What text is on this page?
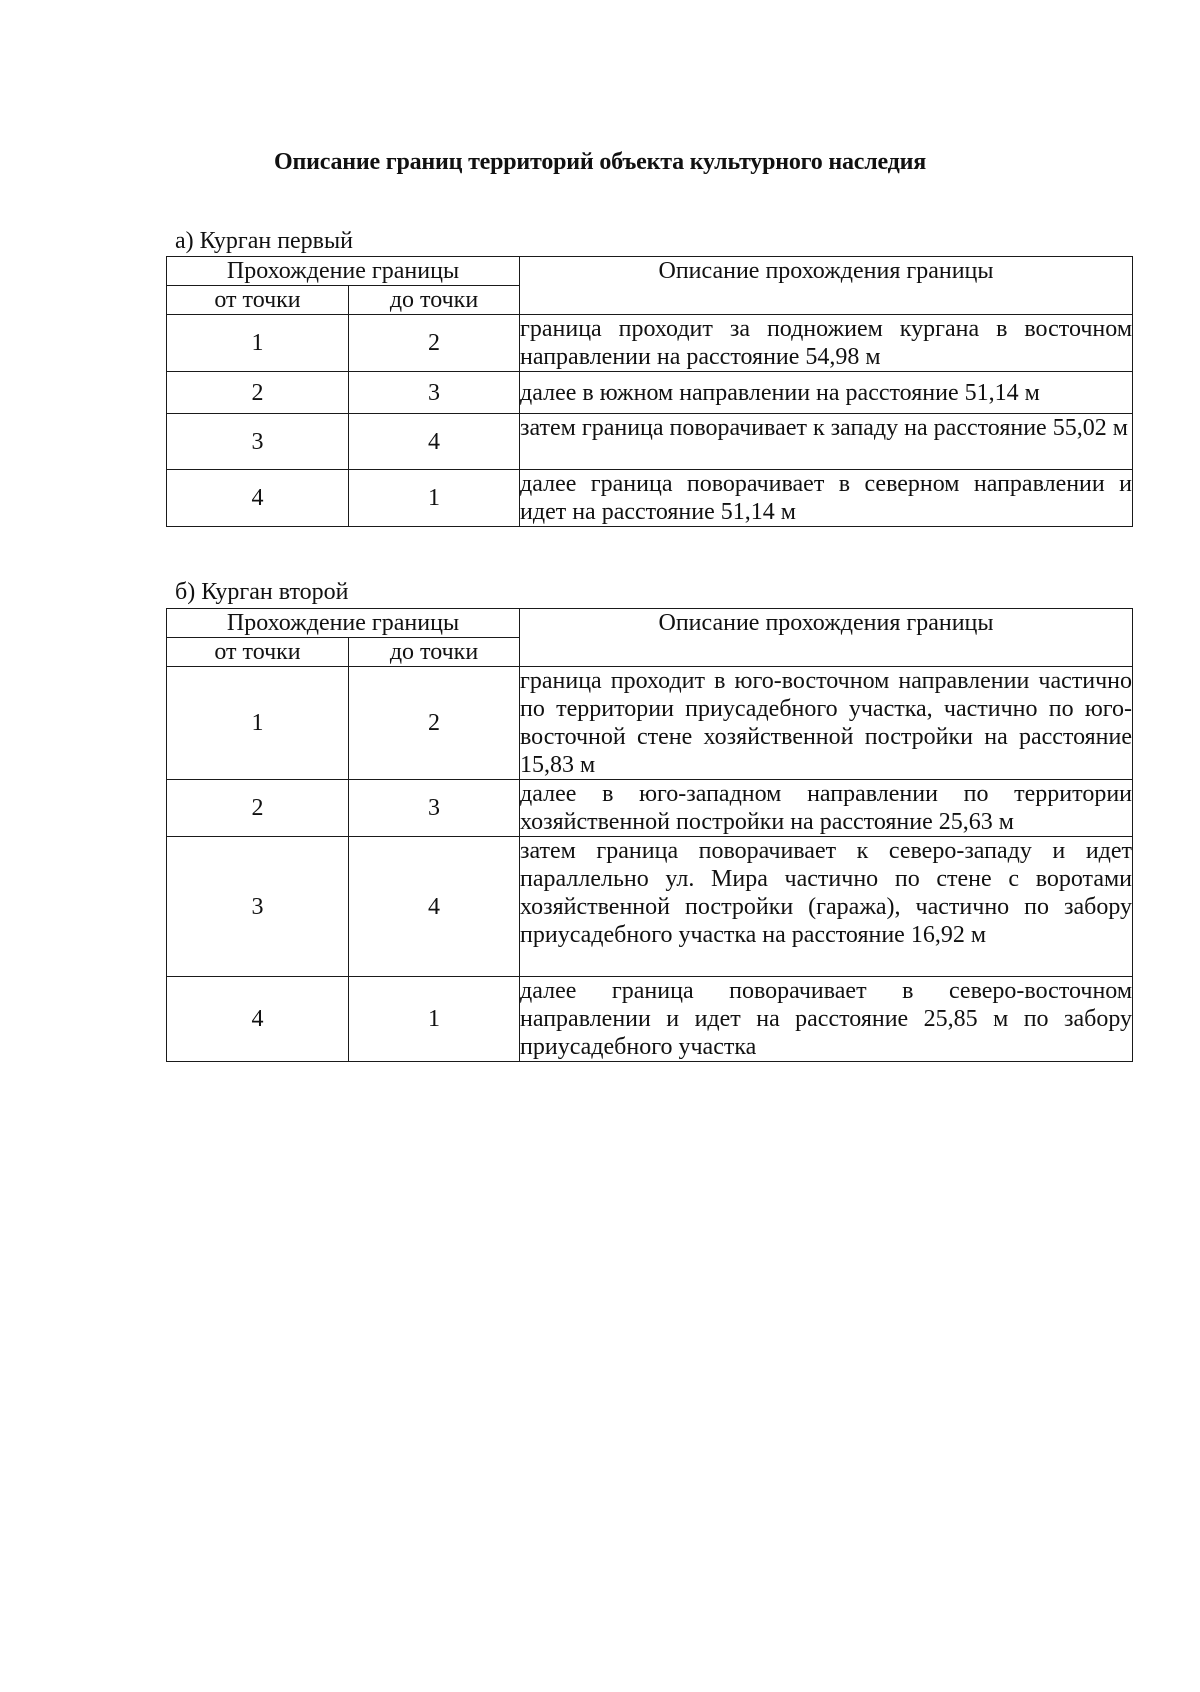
Описание границ территорий объекта культурного наследия
а) Курган первый
Прохождение границы		Описание прохождения границы
от точки	до точки	
1	2	граница проходит за подножием кургана в восточном направлении на расстояние 54,98 м
2	3	далее в южном направлении на расстояние 51,14 м
3	4	затем граница поворачивает к западу на расстояние 55,02 м
4	1	далее граница поворачивает в северном направлении и идет на расстояние 51,14 м
б) Курган второй
Прохождение границы		Описание прохождения границы
от точки	до точки	
1	2	граница проходит в юго-восточном направлении частично по территории приусадебного участка, частично по юго-восточной стене хозяйственной постройки на расстояние 15,83 м
2	3	далее в юго-западном направлении по территории хозяйственной постройки на расстояние 25,63 м
3	4	затем граница поворачивает к северо-западу и идет параллельно ул. Мира частично по стене с воротами хозяйственной постройки (гаража), частично по забору приусадебного участка на расстояние 16,92 м
4	1	далее граница поворачивает в северо-восточном направлении и идет на расстояние 25,85 м по забору приусадебного участка
